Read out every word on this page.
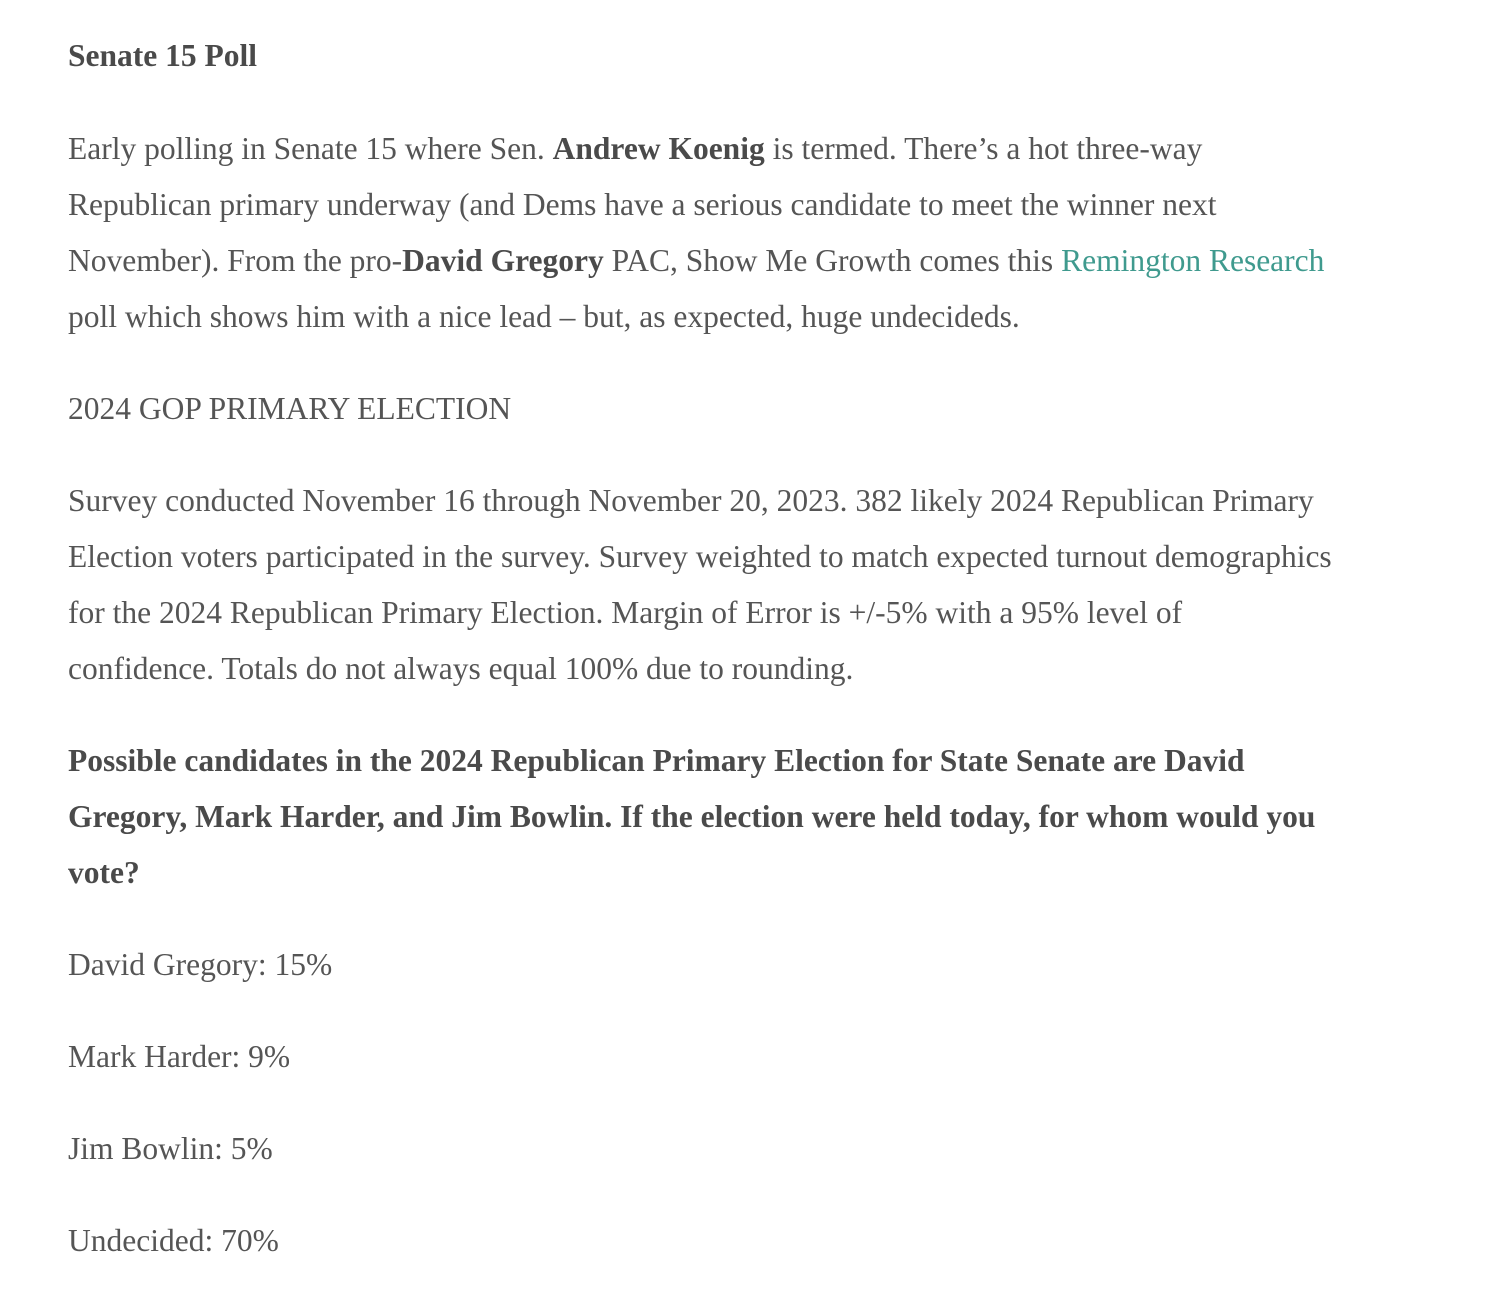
Senate 15 Poll

Early polling in Senate 15 where Sen. Andrew Koenig is termed. There’s a hot three-way
Republican primary underway (and Dems have a serious candidate to meet the winner next
November). From the pro-David Gregory PAC, Show Me Growth comes this Remington Research
poll which shows him with a nice lead – but, as expected, huge undecideds.

2024 GOP PRIMARY ELECTION

Survey conducted November 16 through November 20, 2023. 382 likely 2024 Republican Primary
Election voters participated in the survey. Survey weighted to match expected turnout demographics
for the 2024 Republican Primary Election. Margin of Error is +/-5% with a 95% level of
confidence. Totals do not always equal 100% due to rounding.
Possible candidates in the 2024 Republican Primary Election for State Senate are David
Gregory, Mark Harder, and Jim Bowlin. If the election were held today, for whom would you
vote?

David Gregory: 15%

Mark Harder: 9%

Jim Bowlin: 5%

Undecided: 70%
